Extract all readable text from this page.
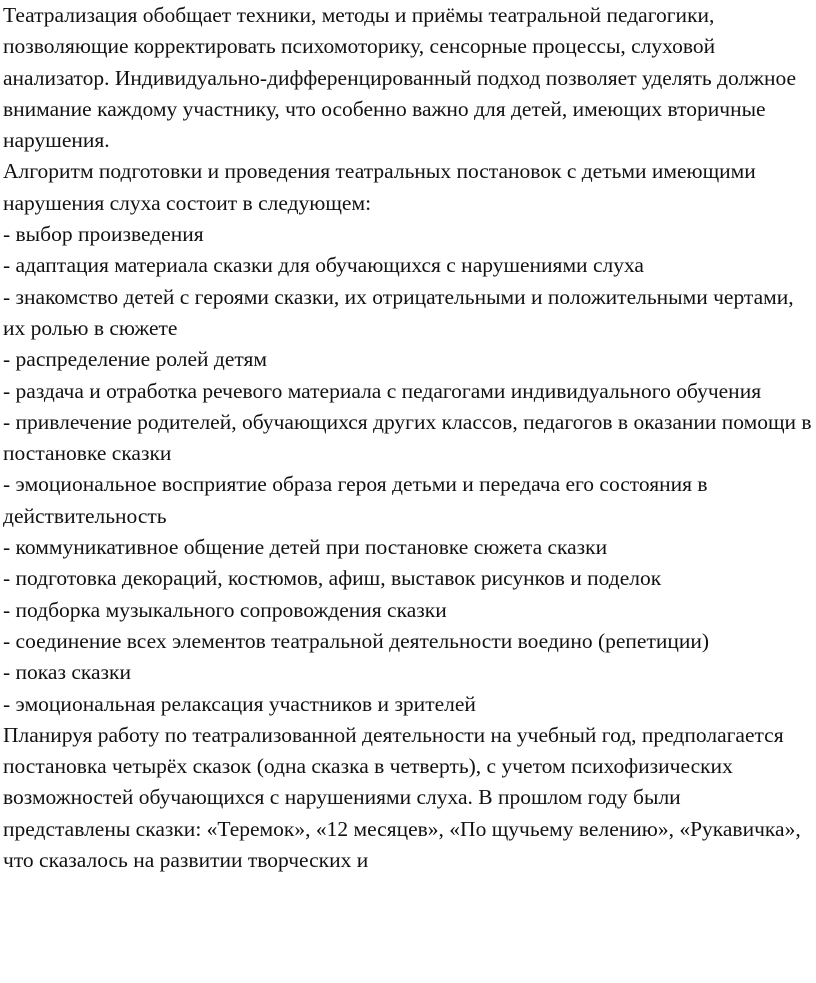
Театрализация обобщает техники, методы и приёмы театральной педагогики, позволяющие корректировать психомоторику, сенсорные процессы, слуховой анализатор. Индивидуально-дифференцированный подход позволяет уделять должное внимание каждому участнику, что особенно важно для детей, имеющих вторичные нарушения.

Алгоритм подготовки и проведения театральных постановок с детьми имеющими нарушения слуха состоит в следующем:

- выбор произведения

- адаптация материала сказки для обучающихся с нарушениями слуха

- знакомство детей с героями сказки, их отрицательными и положительными чертами, их ролью в сюжете

- распределение ролей детям

- раздача и отработка речевого материала с педагогами индивидуального обучения

- привлечение родителей, обучающихся других классов, педагогов в оказании помощи в постановке сказки

- эмоциональное восприятие образа героя детьми и передача его состояния в действительность

- коммуникативное общение детей при постановке сюжета сказки

- подготовка декораций, костюмов, афиш, выставок рисунков и поделок

- подборка музыкального сопровождения сказки

- соединение всех элементов театральной деятельности воедино (репетиции)

- показ сказки

- эмоциональная релаксация участников и зрителей

Планируя работу по театрализованной деятельности на учебный год, предполагается постановка четырёх сказок (одна сказка в четверть), с учетом психофизических возможностей обучающихся с нарушениями слуха. В прошлом году были представлены сказки: «Теремок», «12 месяцев», «По щучьему велению», «Рукавичка», что сказалось на развитии творческих и
